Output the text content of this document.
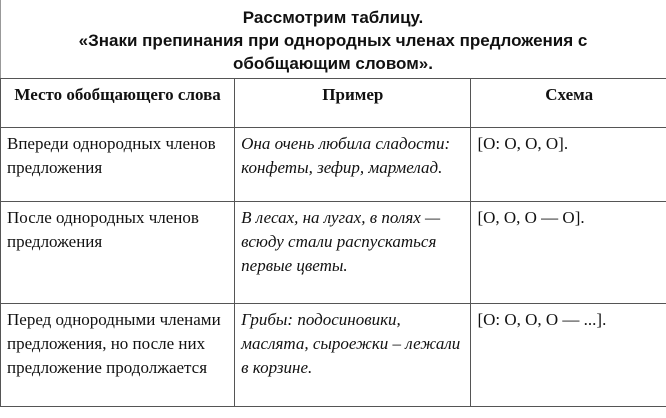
Рассмотрим таблицу.
«Знаки препинания при однородных членах предложения с
обобщающим словом».
Место обобщающего слова	Пример	Схема
Впереди однородных членов предложения	Она очень любила сладости: конфеты, зефир, мармелад.	[О: О, О, О].
После однородных членов предложения	В лесах, на лугах, в полях —всюду стали распускаться первые цветы.	[О, О, О — О].
Перед однородными членами предложения, но после них предложение продолжается	Грибы: подосиновики, маслята, сыроежки – лежали в корзине.	[О: О, О, О — ...].
